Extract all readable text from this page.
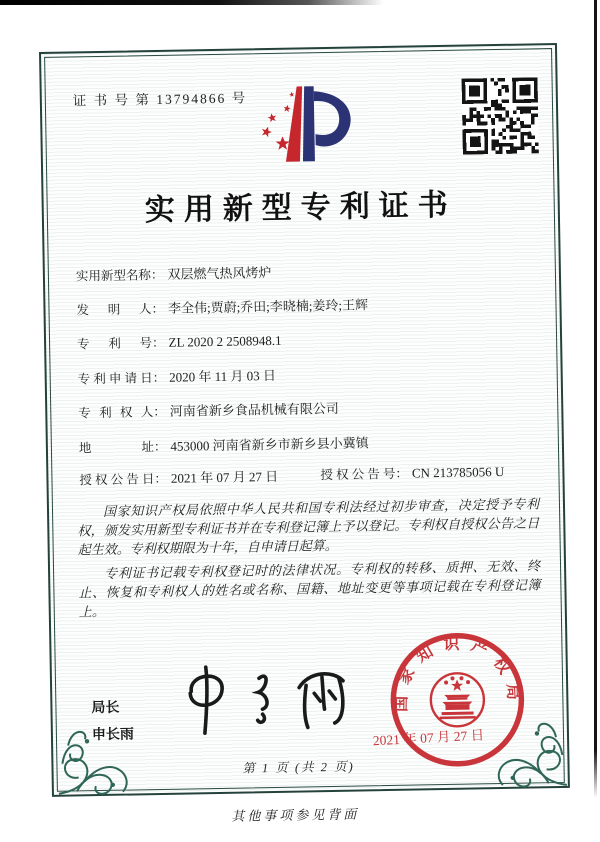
证 书 号 第 13794866 号
实用新型专利证书
实用新型名称： 双层燃气热风烤炉
发明人： 李全伟;贾蔚;乔田;李晓楠;姜玲;王辉
专利号： ZL 2020 2 2508948.1
专利申请日： 2020 年 11 月 03 日
专利权人： 河南省新乡食品机械有限公司
地址： 453000 河南省新乡市新乡县小冀镇
授权公告日： 2021 年 07 月 27 日	授权公告号： CN 213785056 U

国家知识产权局依照中华人民共和国专利法经过初步审查，决定授予专利权，颁发实用新型专利证书并在专利登记簿上予以登记。专利权自授权公告之日起生效。专利权期限为十年，自申请日起算。

专利证书记载专利权登记时的法律状况。专利权的转移、质押、无效、终止、恢复和专利权人的姓名或名称、国籍、地址变更等事项记载在专利登记簿上。

局长
申长雨
国家知识产权局
2021 年 07 月 27 日
第 1 页 (共 2 页)
其他事项参见背面
